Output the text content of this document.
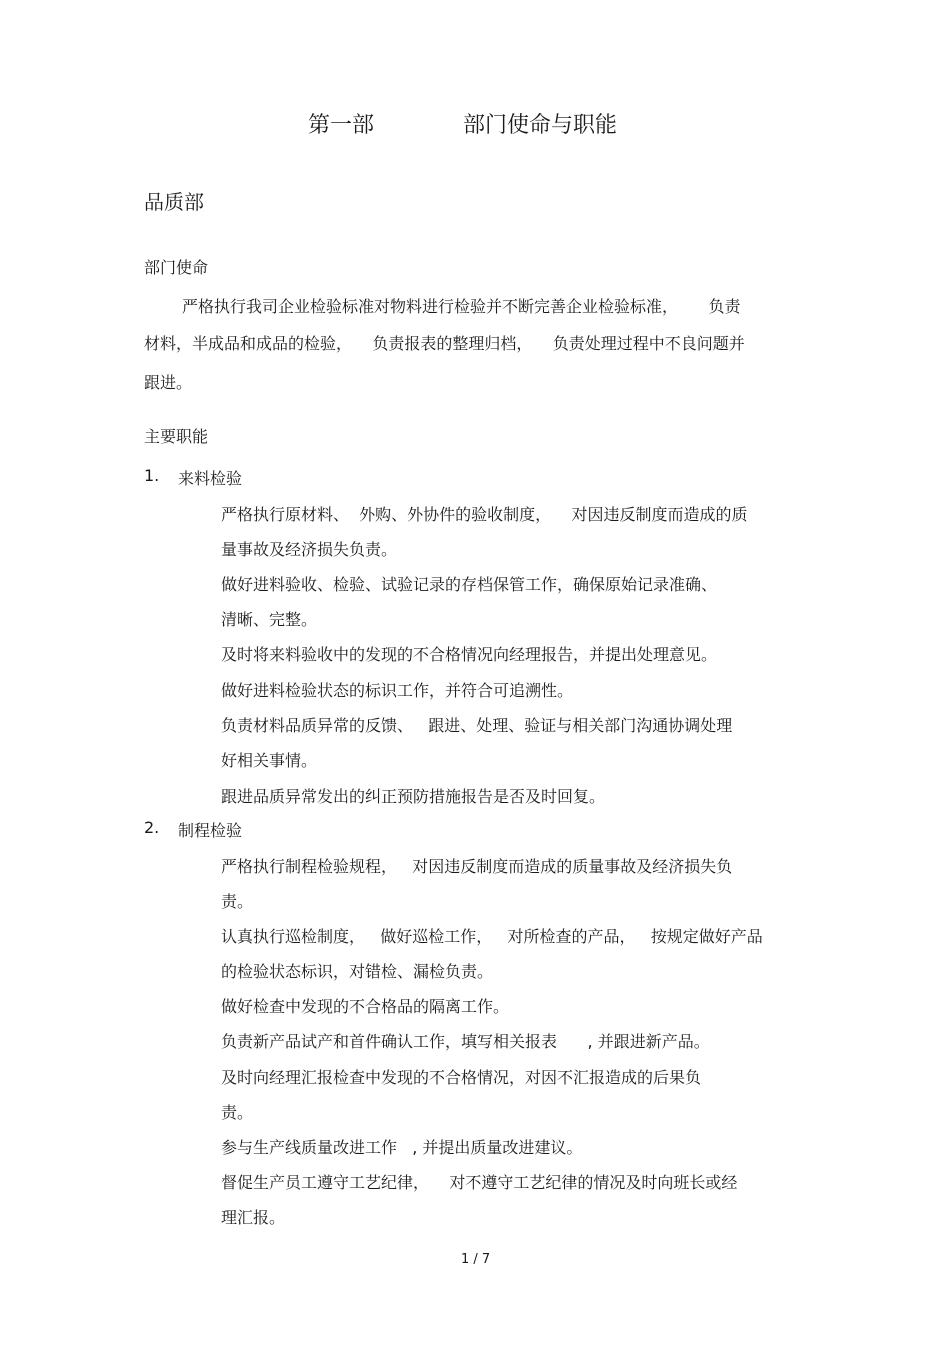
第一部	部门使命与职能
品质部
部门使命
严格执行我司企业检验标准对物料进行检验并不断完善企业检验标准，      负责
材料，半成品和成品的检验，    负责报表的整理归档，    负责处理过程中不良问题并
跟进。
主要职能
1. 来料检验
严格执行原材料、  外购、外协件的验收制度，    对因违反制度而造成的质
量事故及经济损失负责。
做好进料验收、检验、试验记录的存档保管工作，确保原始记录准确、
清晰、完整。
及时将来料验收中的发现的不合格情况向经理报告，并提出处理意见。
做好进料检验状态的标识工作，并符合可追溯性。
负责材料品质异常的反馈、   跟进、处理、验证与相关部门沟通协调处理
好相关事情。
跟进品质异常发出的纠正预防措施报告是否及时回复。
2. 制程检验
严格执行制程检验规程，   对因违反制度而造成的质量事故及经济损失负
责。
认真执行巡检制度，   做好巡检工作，   对所检查的产品，   按规定做好产品
的检验状态标识，对错检、漏检负责。
做好检查中发现的不合格品的隔离工作。
负责新产品试产和首件确认工作，填写相关报表      , 并跟进新产品。
及时向经理汇报检查中发现的不合格情况，对因不汇报造成的后果负
责。
参与生产线质量改进工作   , 并提出质量改进建议。
督促生产员工遵守工艺纪律，    对不遵守工艺纪律的情况及时向班长或经
理汇报。
1 / 7
